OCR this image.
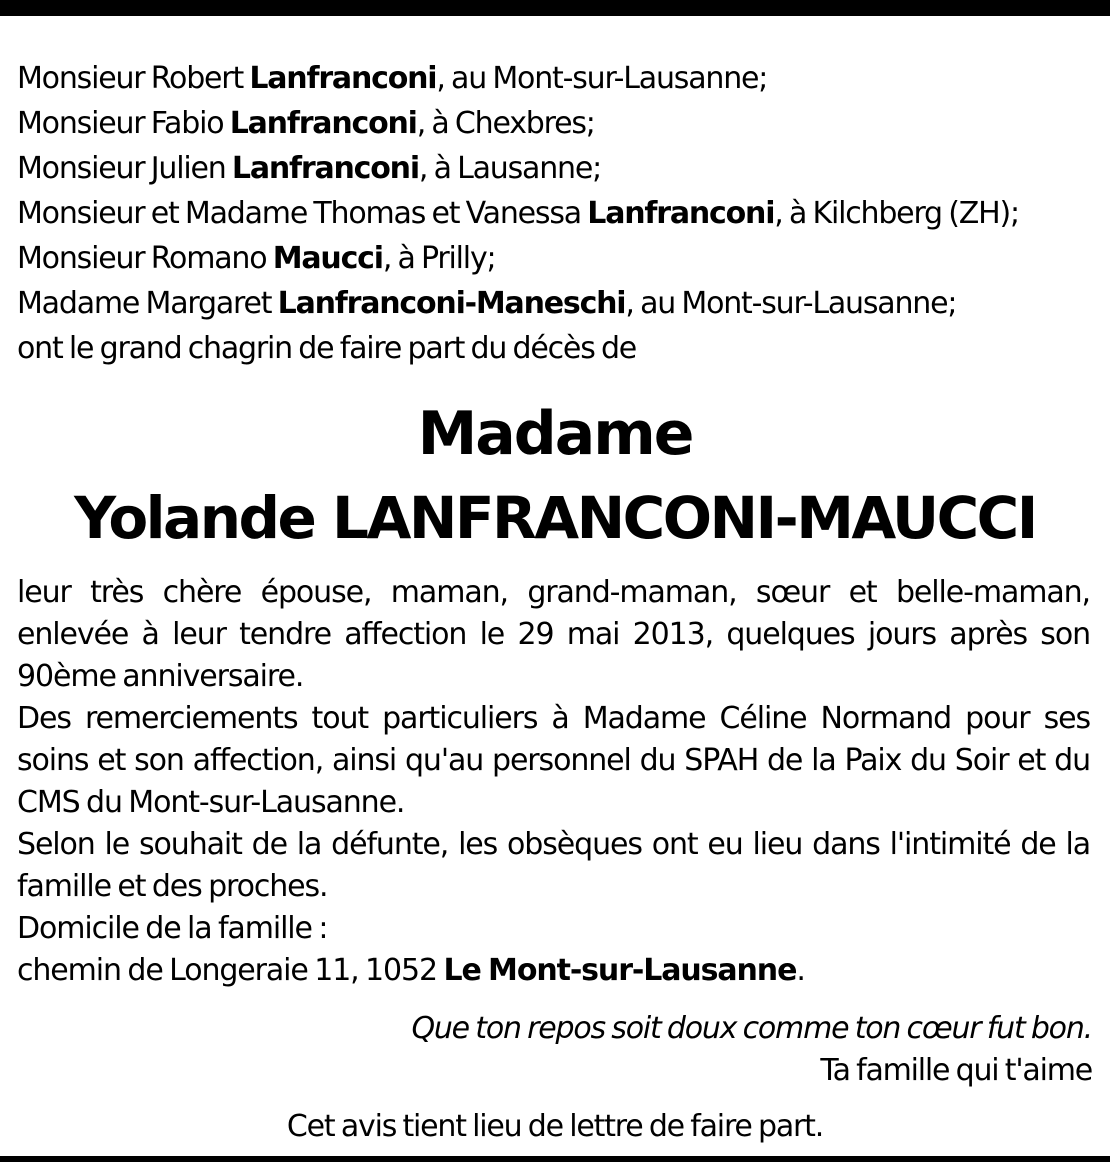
Monsieur Robert Lanfranconi, au Mont-sur-Lausanne;
Monsieur Fabio Lanfranconi, à Chexbres;
Monsieur Julien Lanfranconi, à Lausanne;
Monsieur et Madame Thomas et Vanessa Lanfranconi, à Kilchberg (ZH);
Monsieur Romano Maucci, à Prilly;
Madame Margaret Lanfranconi-Maneschi, au Mont-sur-Lausanne;
ont le grand chagrin de faire part du décès de
Madame
Yolande LANFRANCONI-MAUCCI
leur très chère épouse, maman, grand-maman, sœur et belle-maman, enlevée à leur tendre affection le 29 mai 2013, quelques jours après son 90ème anniversaire.
Des remerciements tout particuliers à Madame Céline Normand pour ses soins et son affection, ainsi qu'au personnel du SPAH de la Paix du Soir et du CMS du Mont-sur-Lausanne.
Selon le souhait de la défunte, les obsèques ont eu lieu dans l'intimité de la famille et des proches.
Domicile de la famille :
chemin de Longeraie 11, 1052 Le Mont-sur-Lausanne.
Que ton repos soit doux comme ton cœur fut bon.
Ta famille qui t'aime
Cet avis tient lieu de lettre de faire part.
